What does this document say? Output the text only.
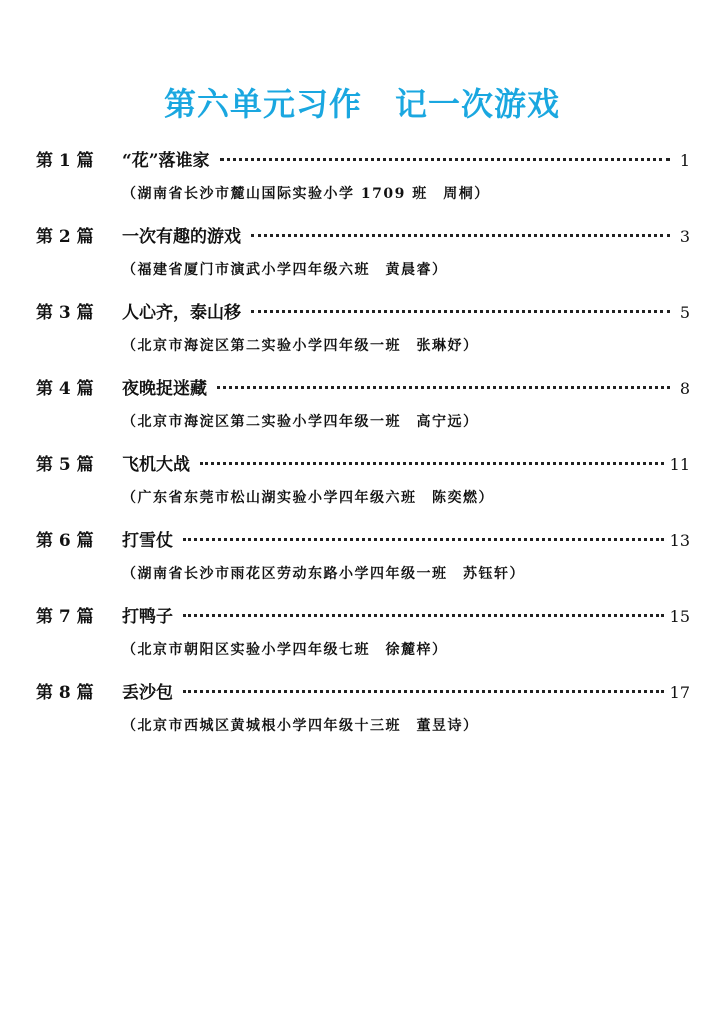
第六单元习作　记一次游戏
第 1 篇	“花”落谁家	1
（湖南省长沙市麓山国际实验小学 1709 班　周桐）
第 2 篇	一次有趣的游戏	3
（福建省厦门市演武小学四年级六班　黄晨睿）
第 3 篇	人心齐，泰山移	5
（北京市海淀区第二实验小学四年级一班　张琳妤）
第 4 篇	夜晚捉迷藏	8
（北京市海淀区第二实验小学四年级一班　高宁远）
第 5 篇	飞机大战	11
（广东省东莞市松山湖实验小学四年级六班　陈奕燃）
第 6 篇	打雪仗	13
（湖南省长沙市雨花区劳动东路小学四年级一班　苏钰轩）
第 7 篇	打鸭子	15
（北京市朝阳区实验小学四年级七班　徐麓梓）
第 8 篇	丢沙包	17
（北京市西城区黄城根小学四年级十三班　董昱诗）
